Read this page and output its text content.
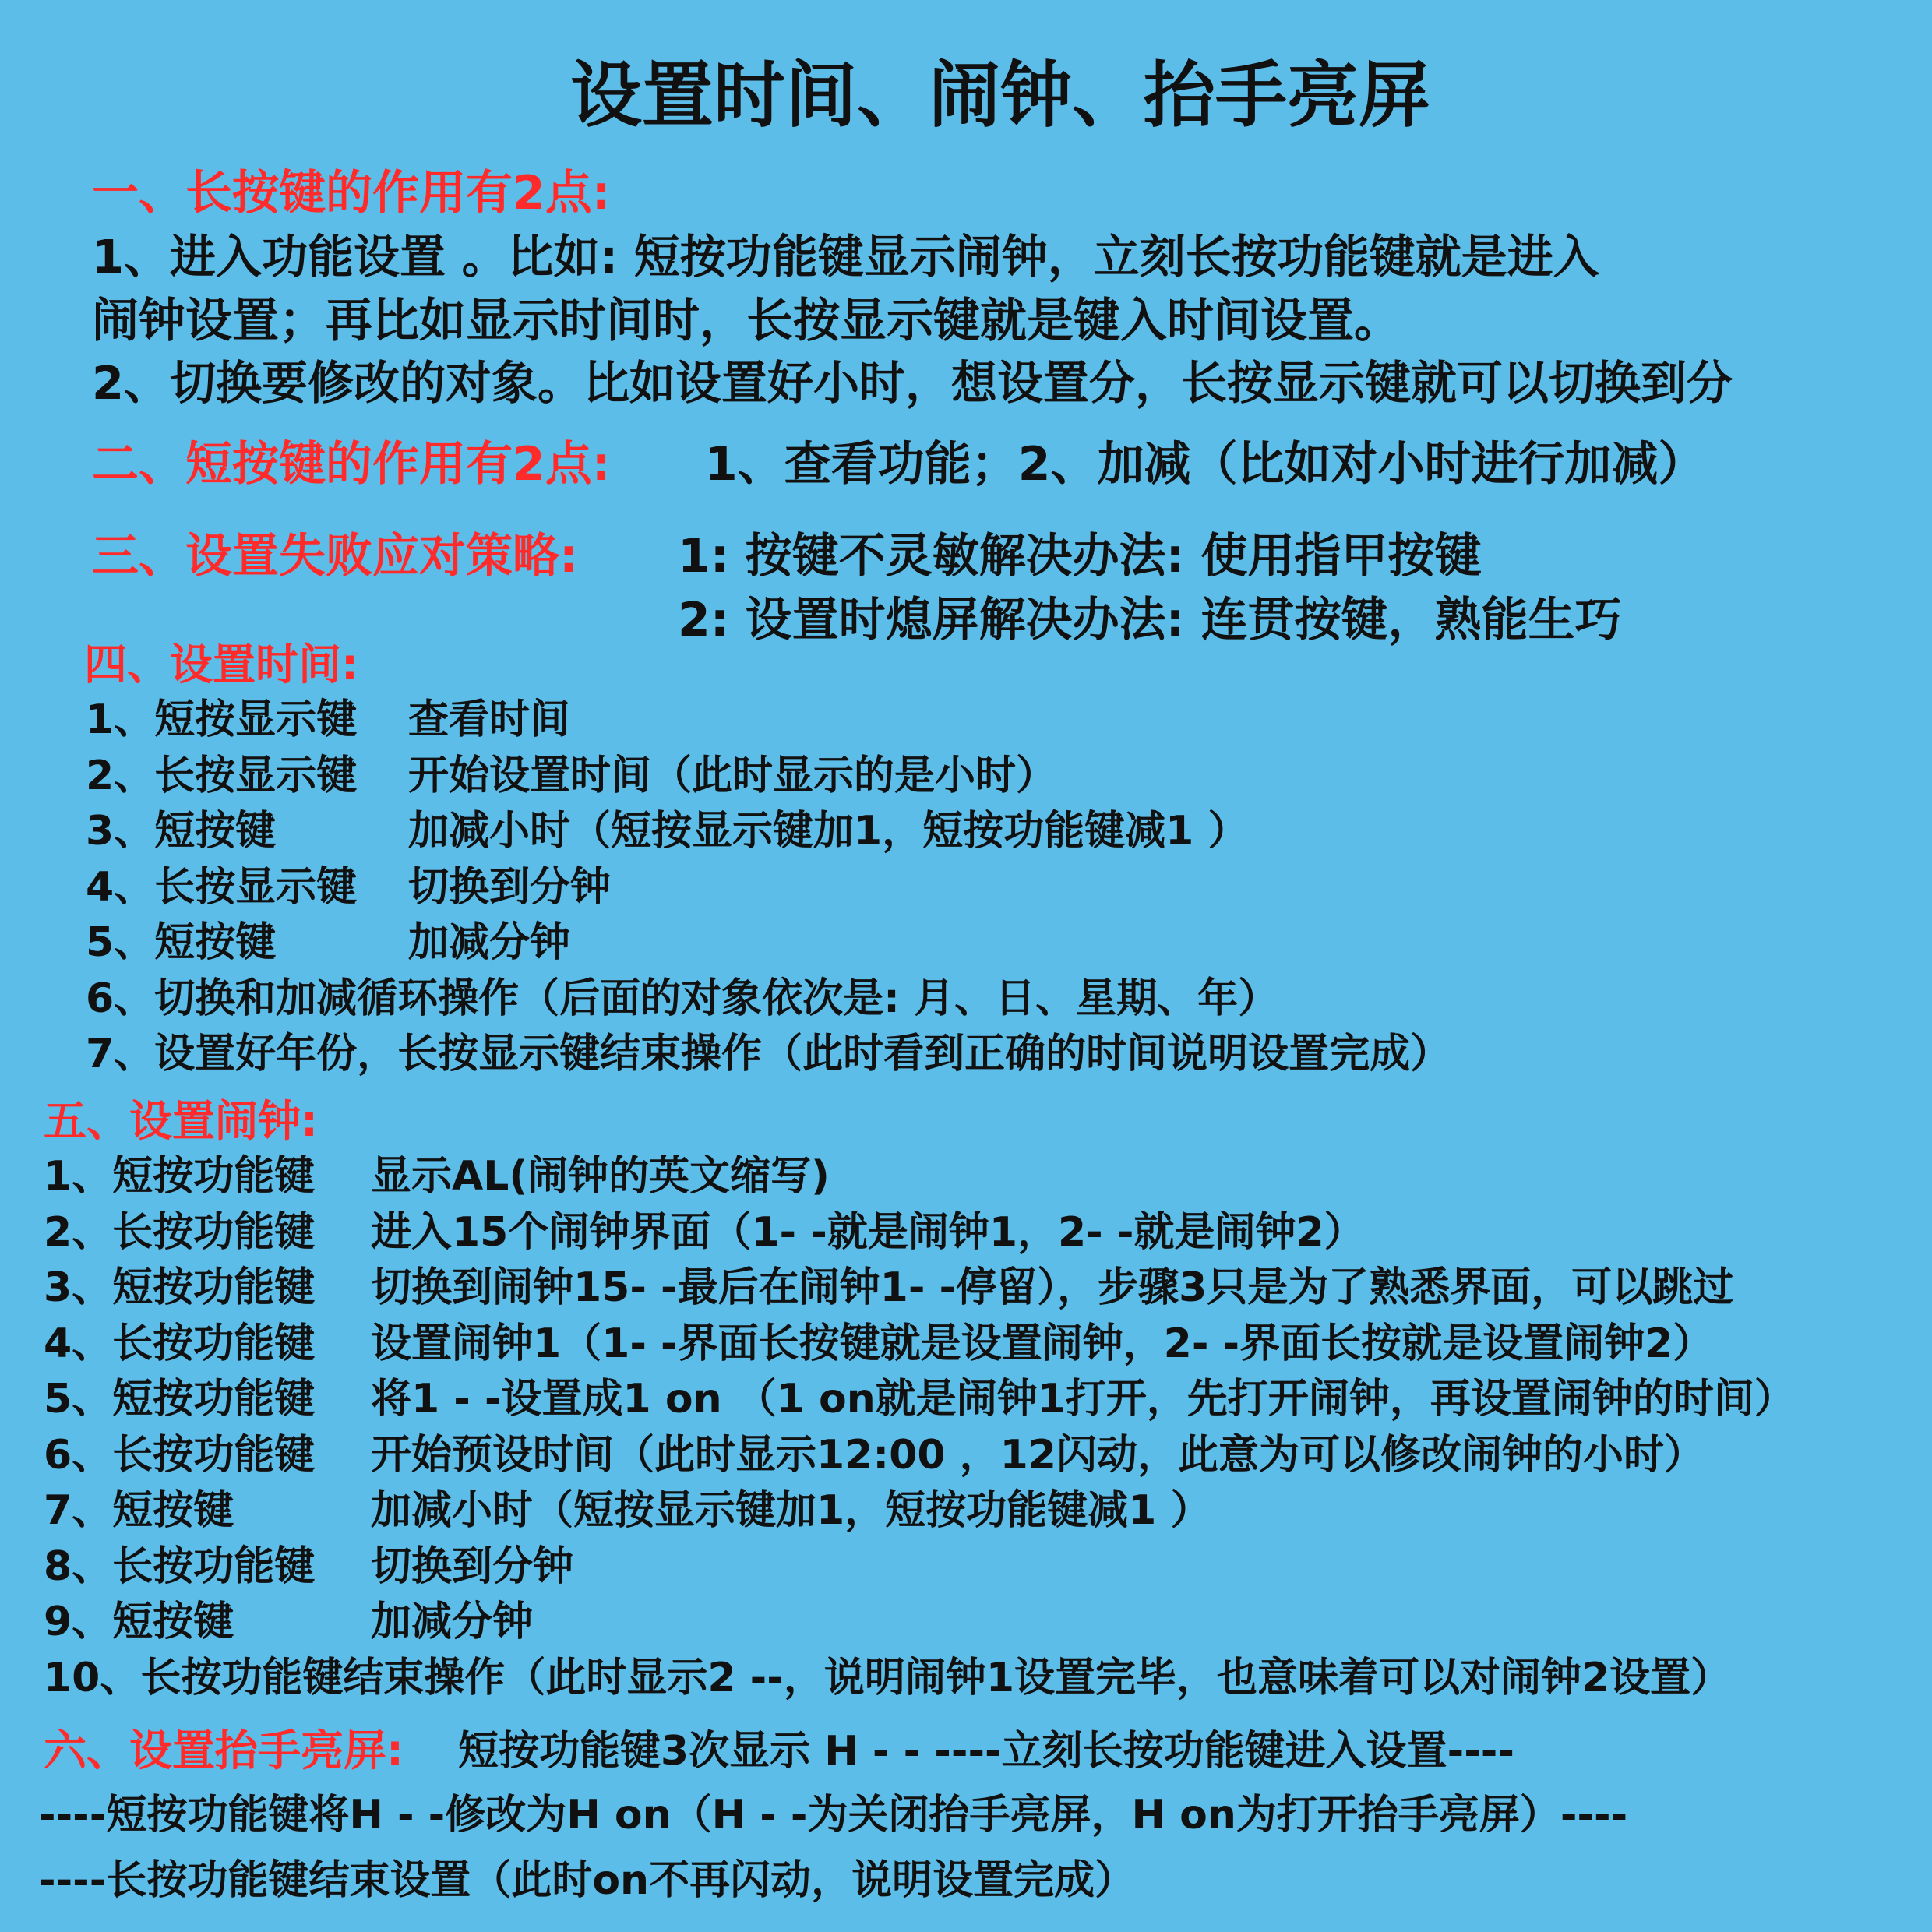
设置时间、闹钟、抬手亮屏
一、长按键的作用有2点:
1、进入功能设置 。比如: 短按功能键显示闹钟，立刻长按功能键就是进入
闹钟设置；再比如显示时间时，长按显示键就是键入时间设置。
2、切换要修改的对象。比如设置好小时，想设置分，长按显示键就可以切换到分
二、短按键的作用有2点: 1、查看功能；2、加减（比如对小时进行加减）
三、设置失败应对策略: 1: 按键不灵敏解决办法: 使用指甲按键
2: 设置时熄屏解决办法: 连贯按键，熟能生巧
四、设置时间:
1、短按显示键 查看时间
2、长按显示键 开始设置时间（此时显示的是小时）
3、短按键	加减小时（短按显示键加1，短按功能键减1 ）
4、长按显示键 切换到分钟
5、短按键	加减分钟
6、切换和加减循环操作（后面的对象依次是: 月、日、星期、年）
7、设置好年份，长按显示键结束操作（此时看到正确的时间说明设置完成）
五、设置闹钟:
1、短按功能键 显示AL(闹钟的英文缩写)
2、长按功能键 进入15个闹钟界面（1- -就是闹钟1，2- -就是闹钟2）
3、短按功能键 切换到闹钟15- -最后在闹钟1- -停留），步骤3只是为了熟悉界面，可以跳过
4、长按功能键 设置闹钟1（1- -界面长按键就是设置闹钟，2- -界面长按就是设置闹钟2）
5、短按功能键 将1 - -设置成1 on （1 on就是闹钟1打开，先打开闹钟，再设置闹钟的时间）
6、长按功能键 开始预设时间（此时显示12:00 ，12闪动，此意为可以修改闹钟的小时）
7、短按键	加减小时（短按显示键加1，短按功能键减1 ）
8、长按功能键 切换到分钟
9、短按键	加减分钟
10、长按功能键结束操作（此时显示2 --，说明闹钟1设置完毕，也意味着可以对闹钟2设置）
六、设置抬手亮屏: 短按功能键3次显示 H - - ----立刻长按功能键进入设置----
----短按功能键将H - -修改为H on（H - -为关闭抬手亮屏，H on为打开抬手亮屏）----
----长按功能键结束设置（此时on不再闪动，说明设置完成）
